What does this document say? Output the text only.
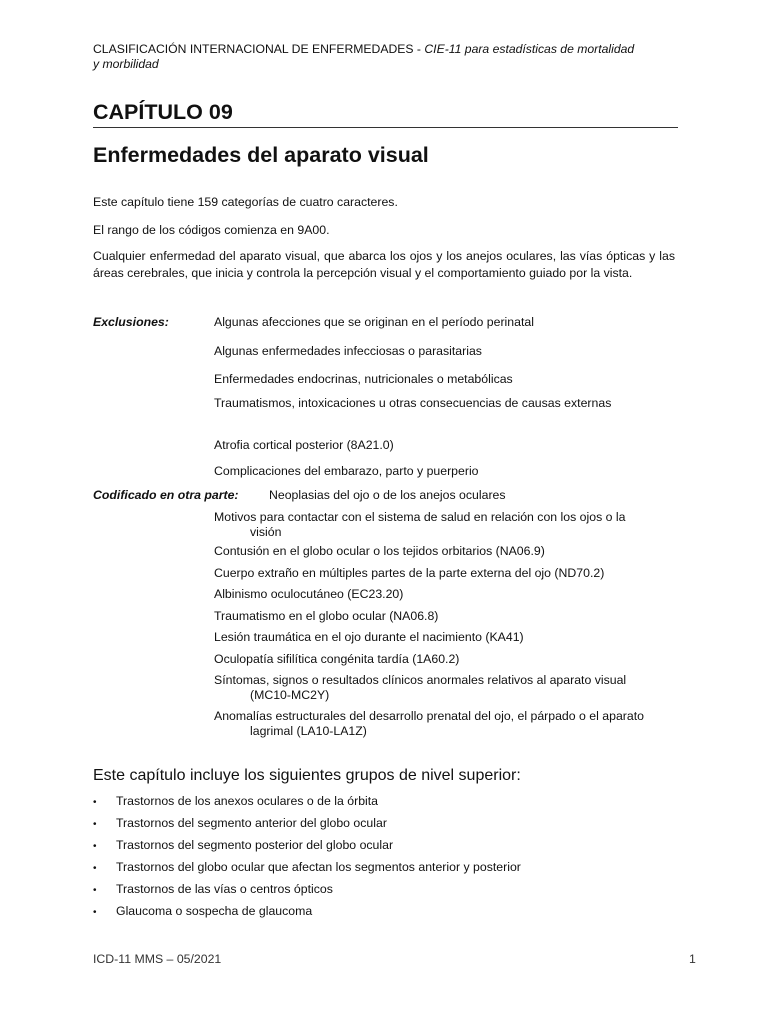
CLASIFICACIÓN INTERNACIONAL DE ENFERMEDADES - CIE-11 para estadísticas de mortalidad
y morbilidad
CAPÍTULO 09
Enfermedades del aparato visual
Este capítulo tiene 159 categorías de cuatro caracteres.
El rango de los códigos comienza en 9A00.
Cualquier enfermedad del aparato visual, que abarca los ojos y los anejos oculares, las vías ópticas y las áreas cerebrales, que inicia y controla la percepción visual y el comportamiento guiado por la vista.
Exclusiones:	Algunas afecciones que se originan en el período perinatal
Algunas enfermedades infecciosas o parasitarias
Enfermedades endocrinas, nutricionales o metabólicas
Traumatismos, intoxicaciones u otras consecuencias de causas externas
Atrofia cortical posterior (8A21.0)
Complicaciones del embarazo, parto y puerperio
Codificado en otra parte: Neoplasias del ojo o de los anejos oculares
Motivos para contactar con el sistema de salud en relación con los ojos o la
visión
Contusión en el globo ocular o los tejidos orbitarios (NA06.9)
Cuerpo extraño en múltiples partes de la parte externa del ojo (ND70.2)
Albinismo oculocutáneo (EC23.20)
Traumatismo en el globo ocular (NA06.8)
Lesión traumática en el ojo durante el nacimiento (KA41)
Oculopatía sifilítica congénita tardía (1A60.2)
Síntomas, signos o resultados clínicos anormales relativos al aparato visual
(MC10-MC2Y)
Anomalías estructurales del desarrollo prenatal del ojo, el párpado o el aparato
lagrimal (LA10-LA1Z)
Este capítulo incluye los siguientes grupos de nivel superior:
• Trastornos de los anexos oculares o de la órbita
• Trastornos del segmento anterior del globo ocular
• Trastornos del segmento posterior del globo ocular
• Trastornos del globo ocular que afectan los segmentos anterior y posterior
• Trastornos de las vías o centros ópticos
• Glaucoma o sospecha de glaucoma
ICD-11 MMS – 05/2021	1
